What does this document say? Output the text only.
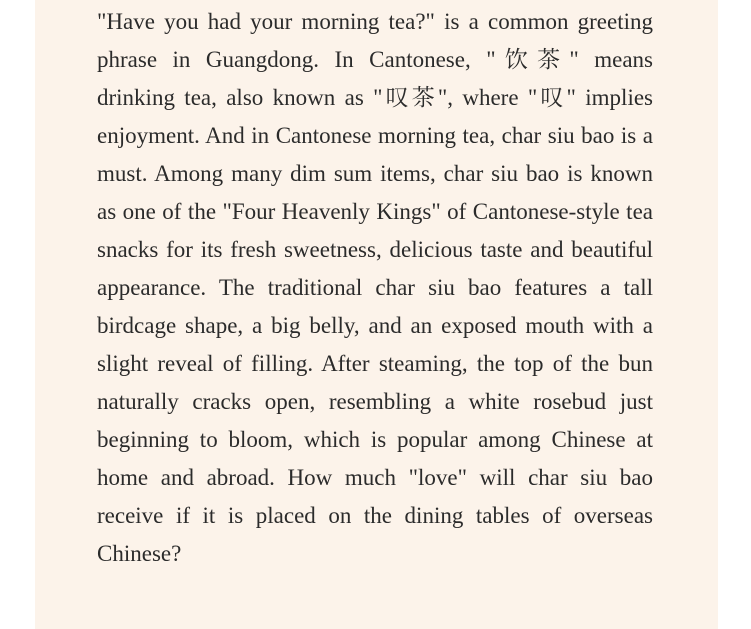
"Have you had your morning tea?" is a common greeting phrase in Guangdong. In Cantonese, "饮茶" means drinking tea, also known as "叹茶", where "叹" implies enjoyment. And in Cantonese morning tea, char siu bao is a must. Among many dim sum items, char siu bao is known as one of the "Four Heavenly Kings" of Cantonese-style tea snacks for its fresh sweetness, delicious taste and beautiful appearance. The traditional char siu bao features a tall birdcage shape, a big belly, and an exposed mouth with a slight reveal of filling. After steaming, the top of the bun naturally cracks open, resembling a white rosebud just beginning to bloom, which is popular among Chinese at home and abroad. How much "love" will char siu bao receive if it is placed on the dining tables of overseas Chinese?
